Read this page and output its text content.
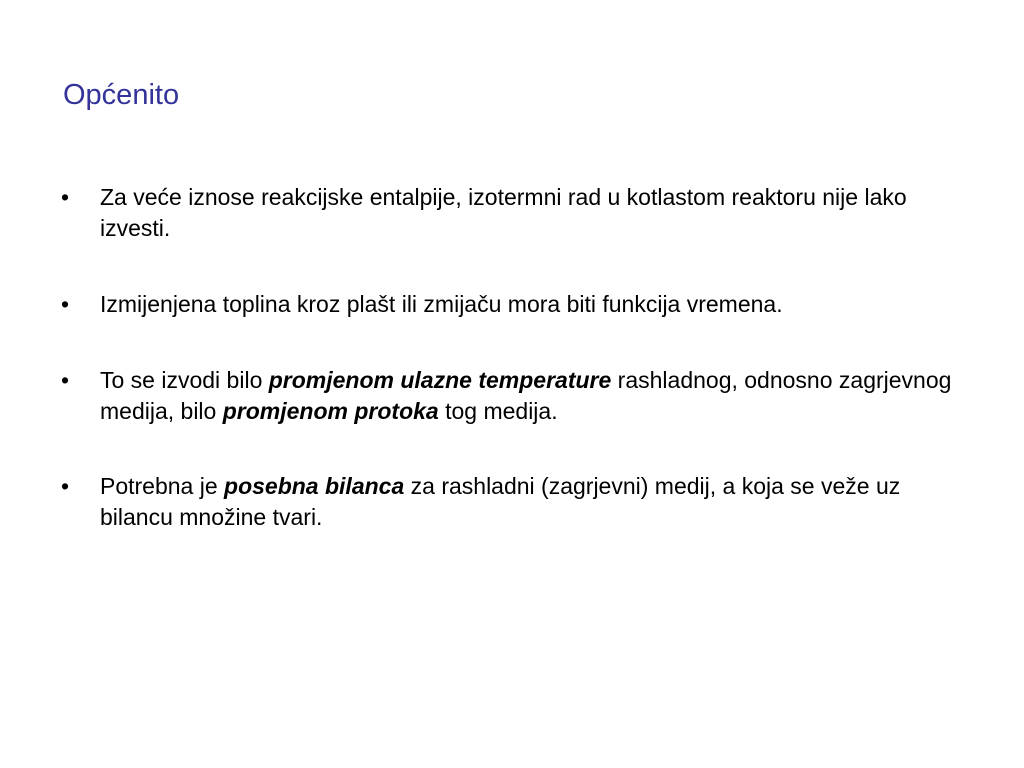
Općenito
• Za veće iznose reakcijske entalpije, izotermni rad u kotlastom reaktoru nije lako izvesti.
• Izmijenjena toplina kroz plašt ili zmijaču mora biti funkcija vremena.
• To se izvodi bilo promjenom ulazne temperature rashladnog, odnosno zagrjevnog medija, bilo promjenom protoka tog medija.
• Potrebna je posebna bilanca za rashladni (zagrjevni) medij, a koja se veže uz bilancu množine tvari.
